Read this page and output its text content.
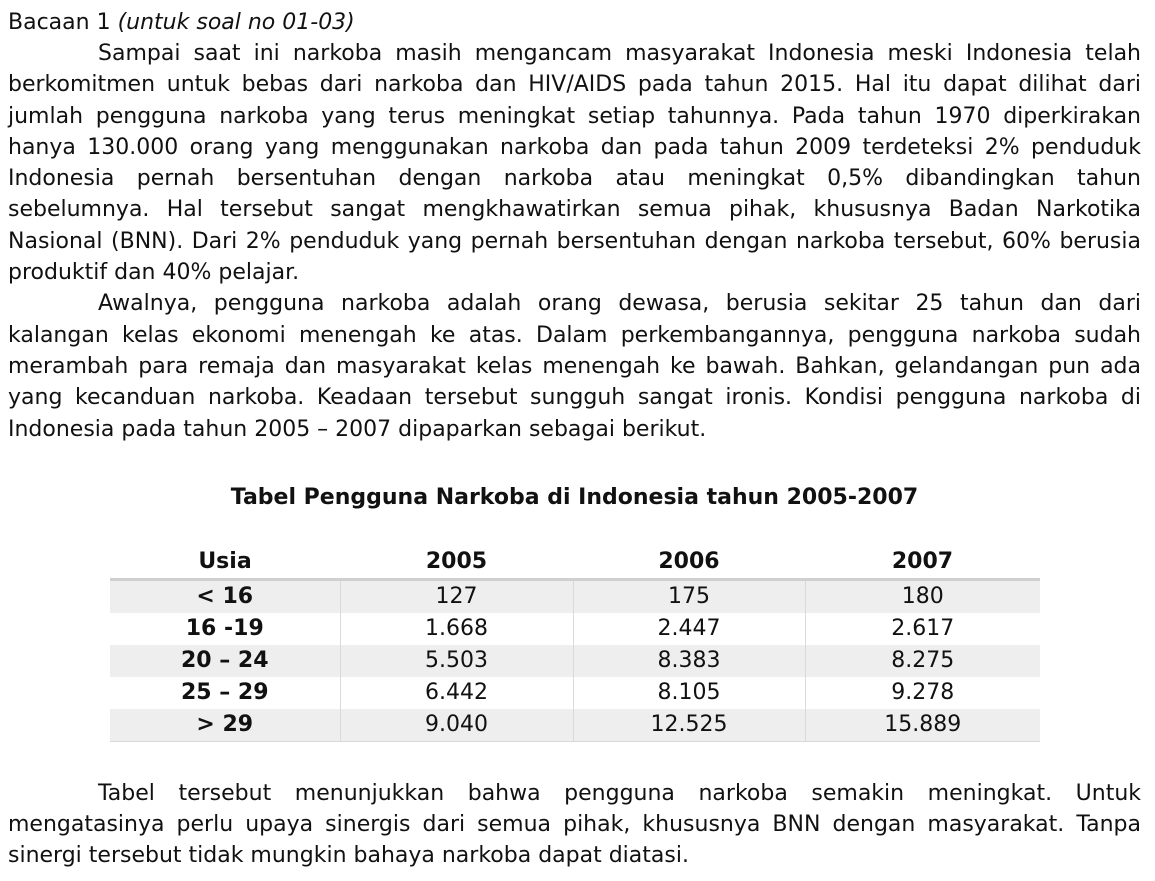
Bacaan 1 (untuk soal no 01-03)

Sampai saat ini narkoba masih mengancam masyarakat Indonesia meski Indonesia telah berkomitmen untuk bebas dari narkoba dan HIV/AIDS pada tahun 2015. Hal itu dapat dilihat dari jumlah pengguna narkoba yang terus meningkat setiap tahunnya. Pada tahun 1970 diperkirakan hanya 130.000 orang yang menggunakan narkoba dan pada tahun 2009 terdeteksi 2% penduduk Indonesia pernah bersentuhan dengan narkoba atau meningkat 0,5% dibandingkan tahun sebelumnya. Hal tersebut sangat mengkhawatirkan semua pihak, khususnya Badan Narkotika Nasional (BNN). Dari 2% penduduk yang pernah bersentuhan dengan narkoba tersebut, 60% berusia produktif dan 40% pelajar.

Awalnya, pengguna narkoba adalah orang dewasa, berusia sekitar 25 tahun dan dari kalangan kelas ekonomi menengah ke atas. Dalam perkembangannya, pengguna narkoba sudah merambah para remaja dan masyarakat kelas menengah ke bawah. Bahkan, gelandangan pun ada yang kecanduan narkoba. Keadaan tersebut sungguh sangat ironis. Kondisi pengguna narkoba di Indonesia pada tahun 2005 – 2007 dipaparkan sebagai berikut.

Tabel Pengguna Narkoba di Indonesia tahun 2005-2007
Usia	2005	2006	2007
< 16	127	175	180
16 -19	1.668	2.447	2.617
20 – 24	5.503	8.383	8.275
25 – 29	6.442	8.105	9.278
> 29	9.040	12.525	15.889

Tabel tersebut menunjukkan bahwa pengguna narkoba semakin meningkat. Untuk mengatasinya perlu upaya sinergis dari semua pihak, khususnya BNN dengan masyarakat. Tanpa sinergi tersebut tidak mungkin bahaya narkoba dapat diatasi.
